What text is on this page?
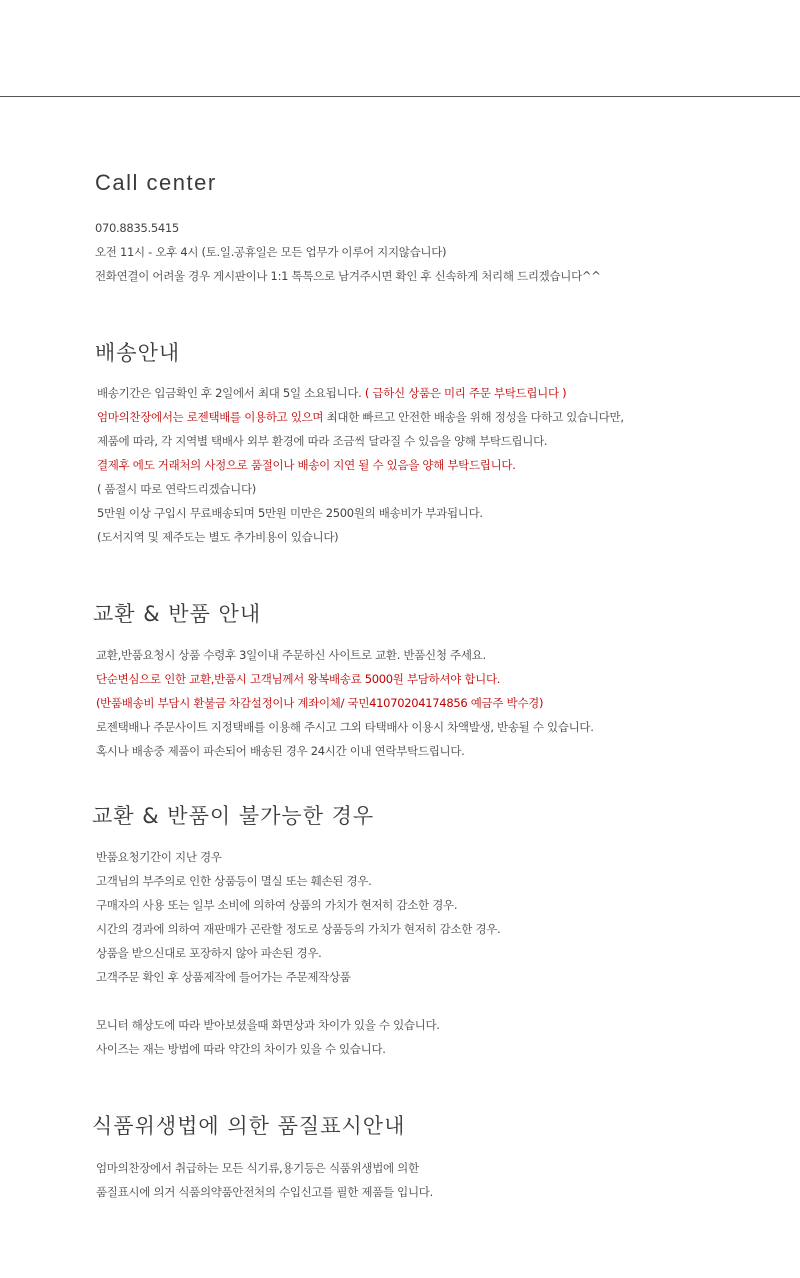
Call center
070.8835.5415
오전 11시 - 오후 4시 (토.일.공휴일은 모든 업무가 이루어 지지않습니다)
전화연결이 어려울 경우 게시판이나 1:1 톡톡으로 남겨주시면 확인 후 신속하게 처리해 드리겠습니다^^
배송안내
배송기간은 입금확인 후 2일에서 최대 5일 소요됩니다. ( 급하신 상품은 미리 주문 부탁드립니다 )
엄마의찬장에서는 로젠택배를 이용하고 있으며 최대한 빠르고 안전한 배송을 위해 정성을 다하고 있습니다만,
제품에 따라, 각 지역별 택배사 외부 환경에 따라 조금씩 달라질 수 있음을 양해 부탁드립니다.
결제후 에도 거래처의 사정으로 품절이나 배송이 지연 될 수 있음을 양해 부탁드립니다.
( 품절시 따로 연락드리겠습니다)
5만원 이상 구입시 무료배송되며 5만원 미만은 2500원의 배송비가 부과됩니다.
(도서지역 및 제주도는 별도 추가비용이 있습니다)
교환 & 반품 안내
교환,반품요청시 상품 수령후 3일이내 주문하신 사이트로 교환. 반품신청 주세요.
단순변심으로 인한 교환,반품시 고객님께서 왕복배송료 5000원 부담하셔야 합니다.
(반품배송비 부담시 환불금 차감설정이나 계좌이체/ 국민41070204174856 예금주 박수경)
로젠택배나 주문사이트 지정택배를 이용해 주시고 그외 타택배사 이용시 차액발생, 반송될 수 있습니다.
혹시나 배송중 제품이 파손되어 배송된 경우 24시간 이내 연락부탁드립니다.
교환 & 반품이 불가능한 경우
반품요청기간이 지난 경우
고객님의 부주의로 인한 상품등이 멸실 또는 훼손된 경우.
구매자의 사용 또는 일부 소비에 의하여 상품의 가치가 현저히 감소한 경우.
시간의 경과에 의하여 재판매가 곤란할 정도로 상품등의 가치가 현저히 감소한 경우.
상품을 받으신대로 포장하지 않아 파손된 경우.
고객주문 확인 후 상품제작에 들어가는 주문제작상품
모니터 해상도에 따라 받아보셨을때 화면상과 차이가 있을 수 있습니다.
사이즈는 재는 방법에 따라 약간의 차이가 있을 수 있습니다.
식품위생법에 의한 품질표시안내
엄마의찬장에서 취급하는 모든 식기류,용기등은 식품위생법에 의한
품질표시에 의거 식품의약품안전처의 수입신고를 필한 제품들 입니다.
